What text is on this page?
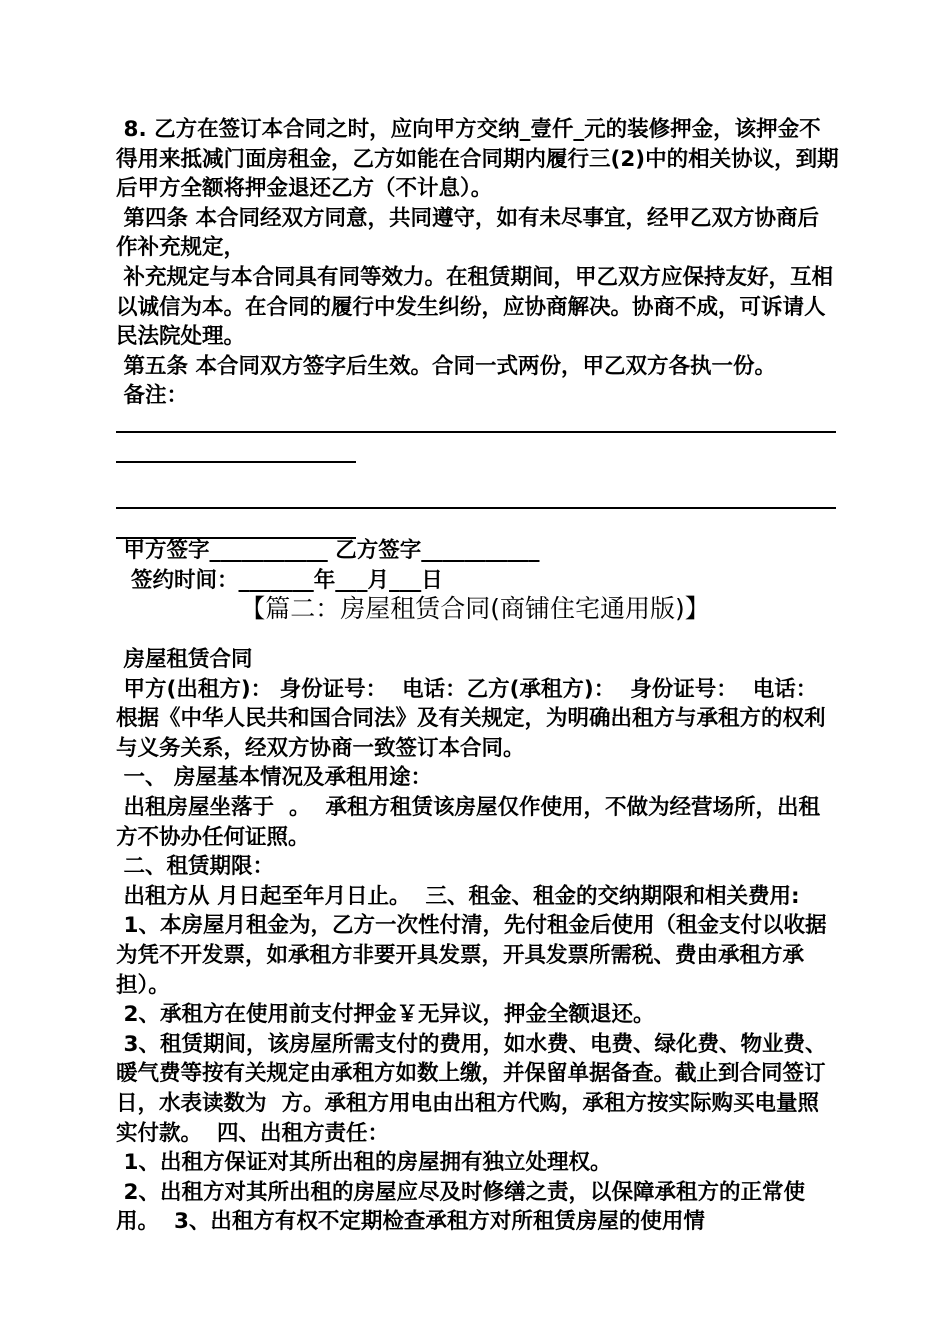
8. 乙方在签订本合同之时，应向甲方交纳_壹仟_元的装修押金，该押金不得用来抵减门面房租金，乙方如能在合同期内履行三(2)中的相关协议，到期后甲方全额将押金退还乙方（不计息）。

第四条 本合同经双方同意，共同遵守，如有未尽事宜，经甲乙双方协商后作补充规定，

补充规定与本合同具有同等效力。在租赁期间，甲乙双方应保持友好，互相以诚信为本。在合同的履行中发生纠纷，应协商解决。协商不成，可诉请人民法院处理。

第五条 本合同双方签字后生效。合同一式两份，甲乙双方各执一份。

备注：

甲方签字___________ 乙方签字___________

签约时间：_______年___月___日

【篇二：房屋租赁合同(商铺住宅通用版)】

房屋租赁合同

甲方(出租方)： 身份证号：  电话：乙方(承租方)：  身份证号：  电话： 根据《中华人民共和国合同法》及有关规定，为明确出租方与承租方的权利与义务关系，经双方协商一致签订本合同。

一、 房屋基本情况及承租用途：

出租房屋坐落于  。  承租方租赁该房屋仅作使用，不做为经营场所，出租方不协办任何证照。

二、租赁期限：

出租方从 月日起至年月日止。  三、租金、租金的交纳期限和相关费用:

1、本房屋月租金为，乙方一次性付清，先付租金后使用（租金支付以收据为凭不开发票，如承租方非要开具发票，开具发票所需税、费由承租方承担）。

2、承租方在使用前支付押金￥无异议，押金全额退还。

3、租赁期间，该房屋所需支付的费用，如水费、电费、绿化费、物业费、暖气费等按有关规定由承租方如数上缴，并保留单据备查。截止到合同签订日，水表读数为  方。承租方用电由出租方代购，承租方按实际购买电量照实付款。  四、出租方责任：

1、出租方保证对其所出租的房屋拥有独立处理权。

2、出租方对其所出租的房屋应尽及时修缮之责，以保障承租方的正常使用。  3、出租方有权不定期检查承租方对所租赁房屋的使用情
